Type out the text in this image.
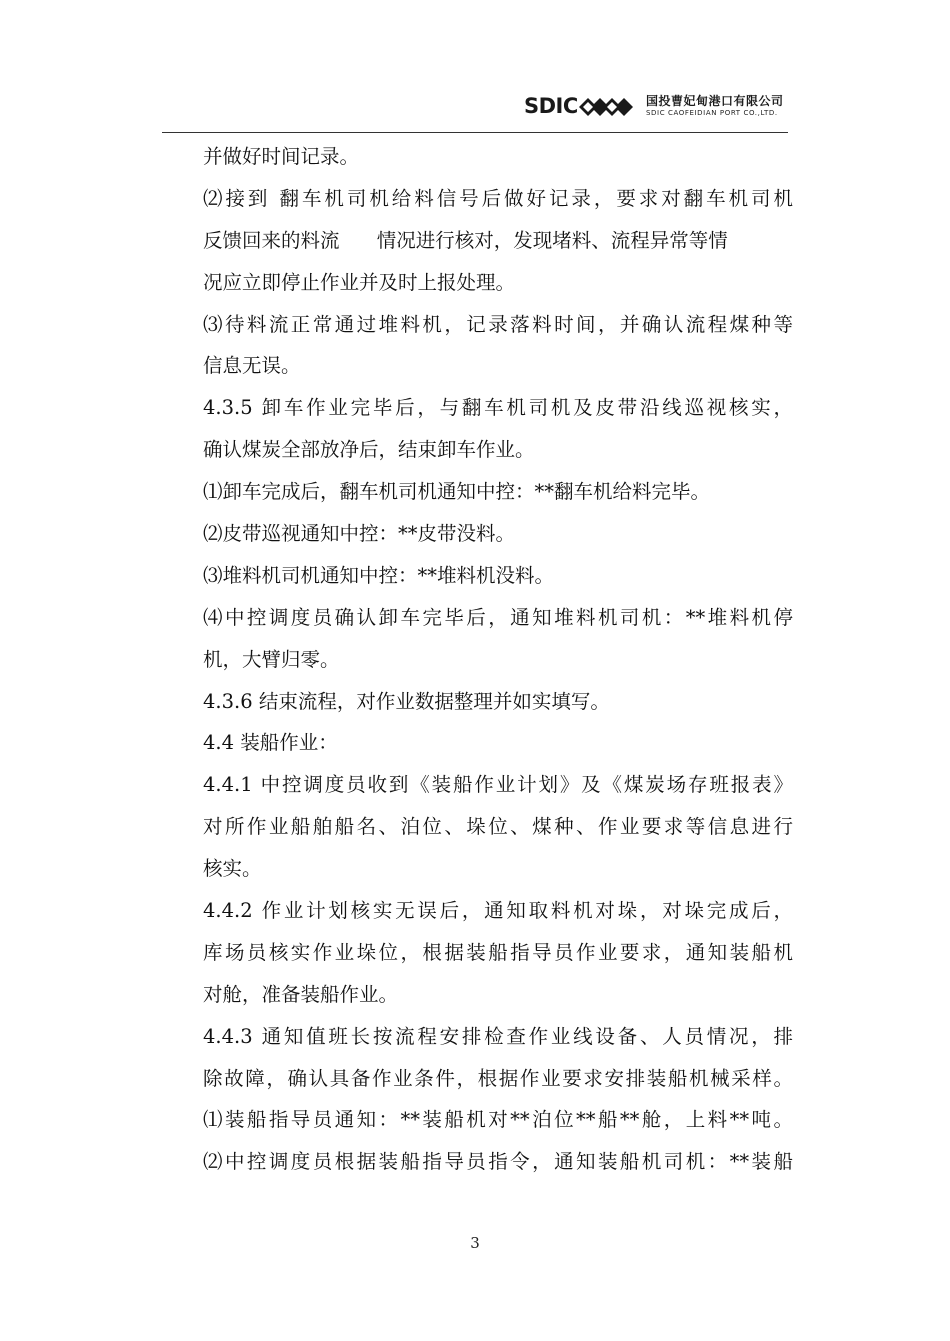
SDIC	国投曹妃甸港口有限公司
SDIC CAOFEIDIAN PORT CO.,LTD.
并做好时间记录。
⑵接到 翻车机司机给料信号后做好记录，要求对翻车机司机
反馈回来的料流      情况进行核对，发现堵料、流程异常等情
况应立即停止作业并及时上报处理。
⑶待料流正常通过堆料机，记录落料时间，并确认流程煤种等
信息无误。
4.3.5 卸车作业完毕后，与翻车机司机及皮带沿线巡视核实，
确认煤炭全部放净后，结束卸车作业。
⑴卸车完成后，翻车机司机通知中控：**翻车机给料完毕。
⑵皮带巡视通知中控：**皮带没料。
⑶堆料机司机通知中控：**堆料机没料。
⑷中控调度员确认卸车完毕后，通知堆料机司机：**堆料机停
机，大臂归零。
4.3.6 结束流程，对作业数据整理并如实填写。
4.4 装船作业：
4.4.1 中控调度员收到《装船作业计划》及《煤炭场存班报表》
对所作业船舶船名、泊位、垛位、煤种、作业要求等信息进行
核实。
4.4.2 作业计划核实无误后，通知取料机对垛，对垛完成后，
库场员核实作业垛位，根据装船指导员作业要求，通知装船机
对舱，准备装船作业。
4.4.3 通知值班长按流程安排检查作业线设备、人员情况，排
除故障，确认具备作业条件，根据作业要求安排装船机械采样。
⑴装船指导员通知：**装船机对**泊位**船**舱，上料**吨。
⑵中控调度员根据装船指导员指令，通知装船机司机：**装船
3
